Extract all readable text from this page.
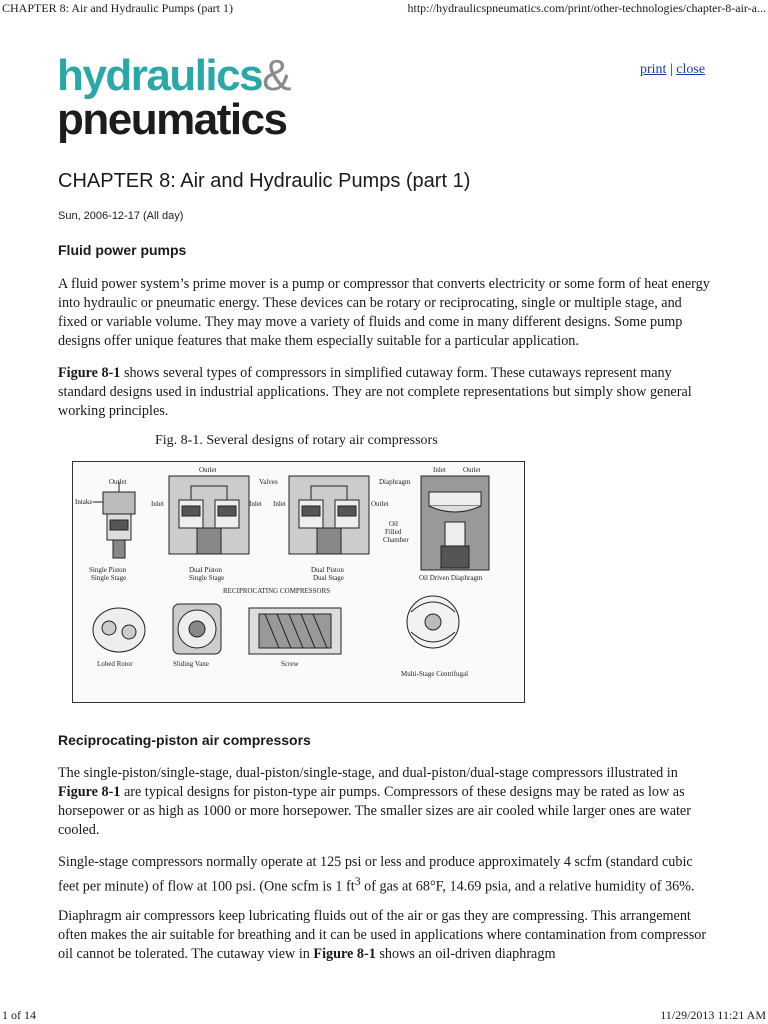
CHAPTER 8: Air and Hydraulic Pumps (part 1)	http://hydraulicspneumatics.com/print/other-technologies/chapter-8-air-a...
hydraulics&
pneumatics
print | close
CHAPTER 8: Air and Hydraulic Pumps (part 1)
Sun, 2006-12-17 (All day)
Fluid power pumps

A fluid power system’s prime mover is a pump or compressor that converts electricity or some form of heat energy into hydraulic or pneumatic energy. These devices can be rotary or reciprocating, single or multiple stage, and fixed or variable volume. They may move a variety of fluids and come in many different designs. Some pump designs offer unique features that make them especially suitable for a particular application.

Figure 8-1 shows several types of compressors in simplified cutaway form. These cutaways represent many standard designs used in industrial applications. They are not complete representations but simply show general working principles.

Fig. 8-1. Several designs of rotary air compressors
Outlet
Intake
Single Piston
Single Stage
Outlet
Inlet	Inlet
Valves
Dual Piston
Single Stage
Inlet	Outlet
Dual Piston
Dual Stage
Diaphragm
Inlet Outlet
Oil
Filled
Chamber
Oil Driven Diaphragm
RECIPROCATING COMPRESSORS
Lobed Rotor	Sliding Vane	Screw
Multi-Stage Centrifugal
Reciprocating-piston air compressors

The single-piston/single-stage, dual-piston/single-stage, and dual-piston/dual-stage compressors illustrated in Figure 8-1 are typical designs for piston-type air pumps. Compressors of these designs may be rated as low as horsepower or as high as 1000 or more horsepower. The smaller sizes are air cooled while larger ones are water cooled.

Single-stage compressors normally operate at 125 psi or less and produce approximately 4 scfm (standard cubic feet per minute) of flow at 100 psi. (One scfm is 1 $ft^3$ of gas at 68°F, 14.69 psia, and a relative humidity of 36%.

Diaphragm air compressors keep lubricating fluids out of the air or gas they are compressing. This arrangement often makes the air suitable for breathing and it can be used in applications where contamination from compressor oil cannot be tolerated. The cutaway view in Figure 8-1 shows an oil-driven diaphragm

1 of 14	11/29/2013 11:21 AM
